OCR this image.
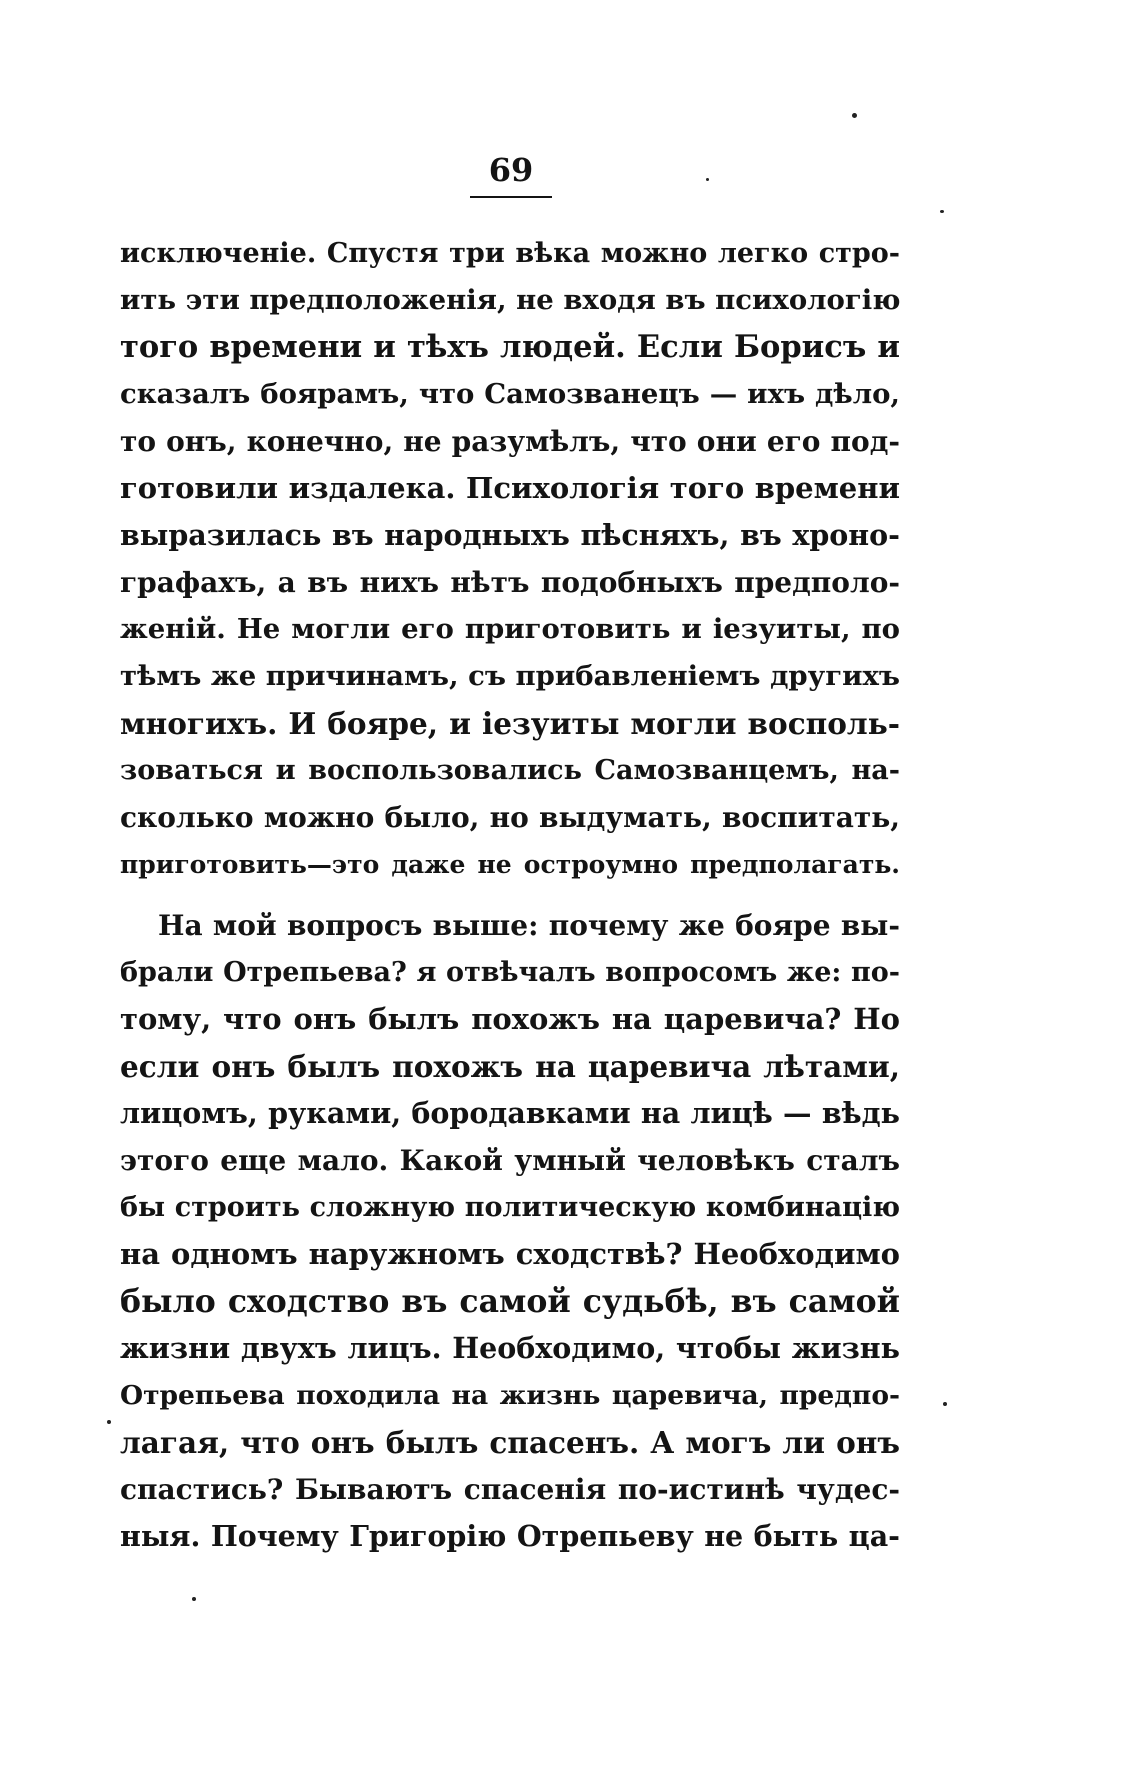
69
исключеніе. Спустя три вѣка можно легко стро-
ить эти предположенія, не входя въ психологію
того времени и тѣхъ людей. Если Борисъ и
сказалъ боярамъ, что Самозванецъ — ихъ дѣло,
то онъ, конечно, не разумѣлъ, что они его под-
готовили издалека. Психологія того времени
выразилась въ народныхъ пѣсняхъ, въ хроно-
графахъ, а въ нихъ нѣтъ подобныхъ предполо-
женій. Не могли его приготовить и іезуиты, по
тѣмъ же причинамъ, съ прибавленіемъ другихъ
многихъ. И бояре, и іезуиты могли восполь-
зоваться и воспользовались Самозванцемъ, на-
сколько можно было, но выдумать, воспитать,
приготовить—это даже не остроумно предполагать.
На мой вопросъ выше: почему же бояре вы-
брали Отрепьева? я отвѣчалъ вопросомъ же: по-
тому, что онъ былъ похожъ на царевича? Но
если онъ былъ похожъ на царевича лѣтами,
лицомъ, руками, бородавками на лицѣ — вѣдь
этого еще мало. Какой умный человѣкъ сталъ
бы строить сложную политическую комбинацію
на одномъ наружномъ сходствѣ? Необходимо
было сходство въ самой судьбѣ, въ самой
жизни двухъ лицъ. Необходимо, чтобы жизнь
Отрепьева походила на жизнь царевича, предпо-
лагая, что онъ былъ спасенъ. А могъ ли онъ
спастись? Бываютъ спасенія по-истинѣ чудес-
ныя. Почему Григорію Отрепьеву не быть ца-
